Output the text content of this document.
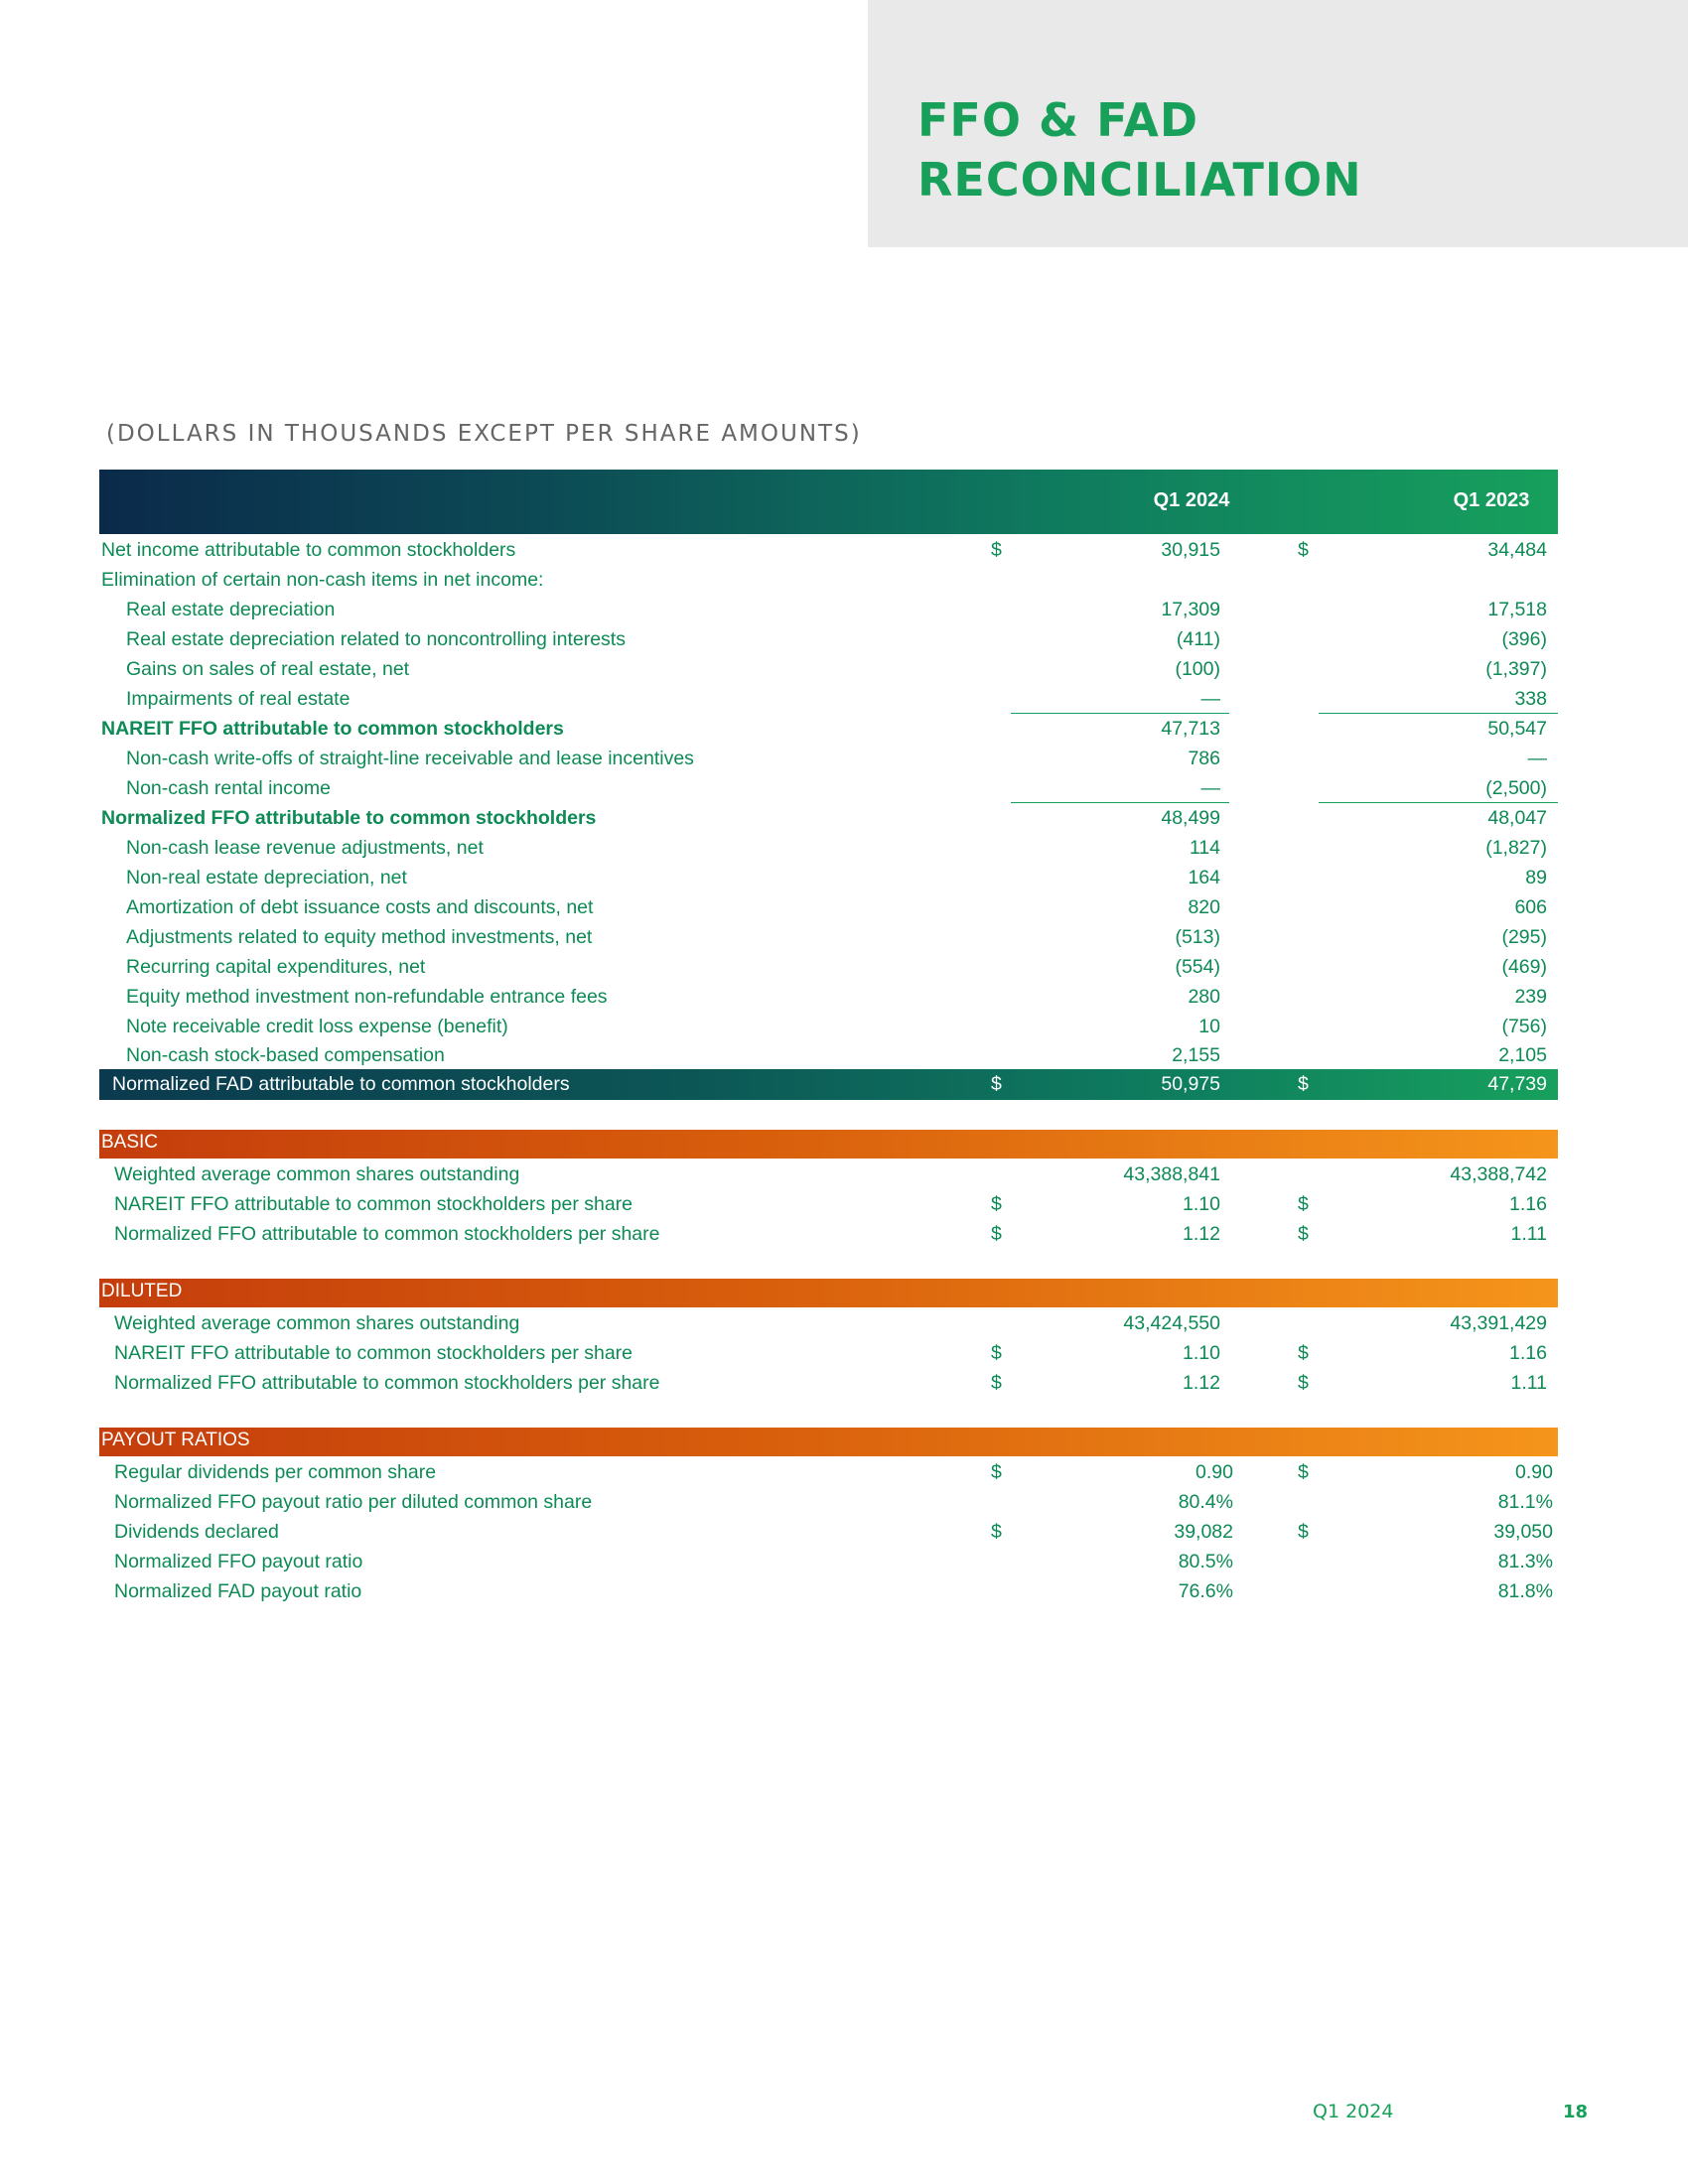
FFO & FAD
RECONCILIATION
(DOLLARS IN THOUSANDS EXCEPT PER SHARE AMOUNTS)
Q1 2024	Q1 2023
Net income attributable to common stockholders	$	30,915	$	34,484
Elimination of certain non-cash items in net income:
Real estate depreciation	17,309	17,518
Real estate depreciation related to noncontrolling interests	(411)	(396)
Gains on sales of real estate, net	(100)	(1,397)
Impairments of real estate	—	338
NAREIT FFO attributable to common stockholders	47,713	50,547
Non-cash write-offs of straight-line receivable and lease incentives	786	—
Non-cash rental income	—	(2,500)
Normalized FFO attributable to common stockholders	48,499	48,047
Non-cash lease revenue adjustments, net	114	(1,827)
Non-real estate depreciation, net	164	89
Amortization of debt issuance costs and discounts, net	820	606
Adjustments related to equity method investments, net	(513)	(295)
Recurring capital expenditures, net	(554)	(469)
Equity method investment non-refundable entrance fees	280	239
Note receivable credit loss expense (benefit)	10	(756)
Non-cash stock-based compensation	2,155	2,105
Normalized FAD attributable to common stockholders	$	50,975	$	47,739
BASIC
Weighted average common shares outstanding	43,388,841	43,388,742
NAREIT FFO attributable to common stockholders per share	$	1.10	$	1.16
Normalized FFO attributable to common stockholders per share	$	1.12	$	1.11
DILUTED
Weighted average common shares outstanding	43,424,550	43,391,429
NAREIT FFO attributable to common stockholders per share	$	1.10	$	1.16
Normalized FFO attributable to common stockholders per share	$	1.12	$	1.11
PAYOUT RATIOS
Regular dividends per common share	$	0.90	$	0.90
Normalized FFO payout ratio per diluted common share	80.4%	81.1%
Dividends declared	$	39,082	$	39,050
Normalized FFO payout ratio	80.5%	81.3%
Normalized FAD payout ratio	76.6%	81.8%
Q1 2024	18
